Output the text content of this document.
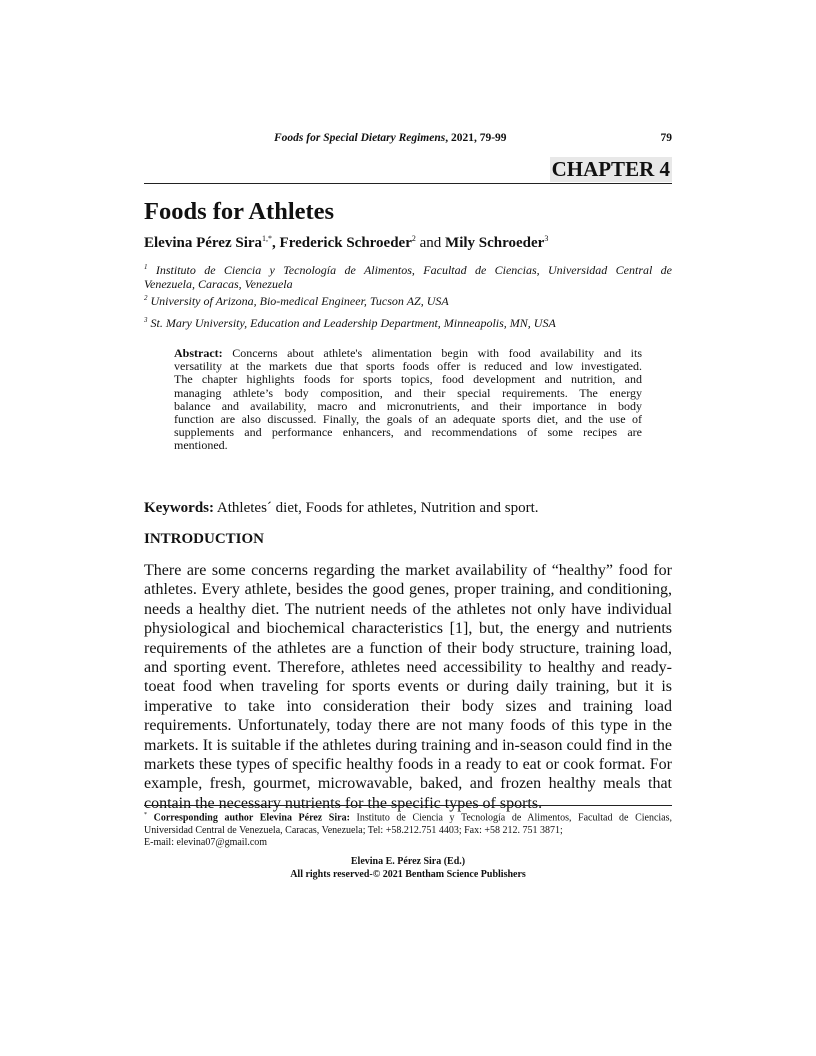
Foods for Special Dietary Regimens, 2021, 79-99	79
CHAPTER 4
Foods for Athletes
Elevina Pérez Sira$^{1,*}$, Frederick Schroeder$^2$ and Mily Schroeder$^3$
$^1$ Instituto de Ciencia y Tecnología de Alimentos, Facultad de Ciencias, Universidad Central de
Venezuela, Caracas, Venezuela
$^2$ University of Arizona, Bio-medical Engineer, Tucson AZ, USA
$^3$ St. Mary University, Education and Leadership Department, Minneapolis, MN, USA
Abstract: Concerns about athlete's alimentation begin with food availability and its
versatility at the markets due that sports foods offer is reduced and low investigated.
The chapter highlights foods for sports topics, food development and nutrition, and
managing athlete’s body composition, and their special requirements. The energy
balance and availability, macro and micronutrients, and their importance in body
function are also discussed. Finally, the goals of an adequate sports diet, and the use of
supplements and performance enhancers, and recommendations of some recipes are
mentioned.
Keywords: Athletes´ diet, Foods for athletes, Nutrition and sport.
INTRODUCTION
There are some concerns regarding the market availability of “healthy” food for
athletes. Every athlete, besides the good genes, proper training, and conditioning,
needs a healthy diet. The nutrient needs of the athletes not only have individual
physiological and biochemical characteristics [1], but, the energy and nutrients
requirements of the athletes are a function of their body structure, training load,
and sporting event. Therefore, athletes need accessibility to healthy and ready-
toeat food when traveling for sports events or during daily training, but it is
imperative to take into consideration their body sizes and training load
requirements. Unfortunately, today there are not many foods of this type in the
markets. It is suitable if the athletes during training and in-season could find in the
markets these types of specific healthy foods in a ready to eat or cook format. For
example, fresh, gourmet, microwavable, baked, and frozen healthy meals that
contain the necessary nutrients for the specific types of sports.
* Corresponding author Elevina Pérez Sira: Instituto de Ciencia y Tecnología de Alimentos, Facultad de Ciencias,
Universidad Central de Venezuela, Caracas, Venezuela; Tel: +58.212.751 4403; Fax: +58 212. 751 3871;
E-mail: elevina07@gmail.com
Elevina E. Pérez Sira (Ed.)
All rights reserved-© 2021 Bentham Science Publishers
